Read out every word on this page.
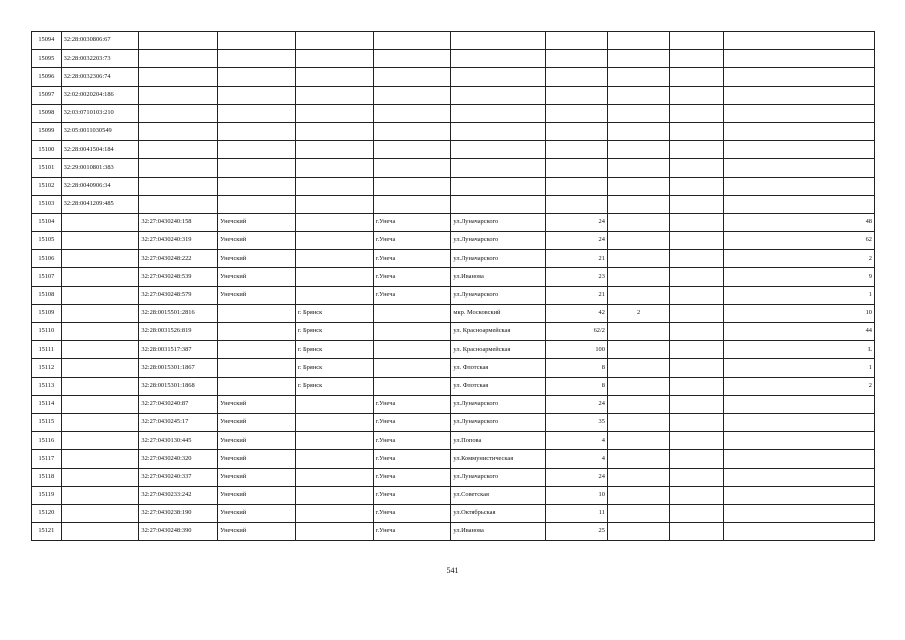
15094	32:28:0030806:67									
15095	32:28:0032203:73									
15096	32:28:0032306:74									
15097	32:02:0020204:186									
15098	32:03:0710103:210									
15099	32:05:0011030549									
15100	32:28:0041504:184									
15101	32:29:0010801:383									
15102	32:28:0040906:34									
15103	32:28:0041209:485									
15104		32:27:0430240:158	Унечский		г.Унеча	ул.Луначарского	24			48
15105		32:27:0430240:319	Унечский		г.Унеча	ул.Луначарского	24			62
15106		32:27:0430248:222	Унечский		г.Унеча	ул.Луначарского	21			2
15107		32:27:0430248:539	Унечский		г.Унеча	ул.Иванова	23			9
15108		32:27:0430248:579	Унечский		г.Унеча	ул.Луначарского	21			1
15109		32:28:0015501:2816		г. Брянск		мкр. Московский	42	2		10
15110		32:28:0031526:819		г. Брянск		ул. Красноармейская	62/2			44
15111		32:28:0031517:387		г. Брянск		ул. Красноармейская	100			L
15112		32:28:0015301:1867		г. Брянск		ул. Флотская	8			1
15113		32:28:0015301:1868		г. Брянск		ул. Флотская	8			2
15114		32:27:0430240:87	Унечский		г.Унеча	ул.Луначарского	24			
15115		32:27:0430245:17	Унечский		г.Унеча	ул.Луначарского	35			
15116		32:27:0430130:445	Унечский		г.Унеча	ул.Попова	4			
15117		32:27:0430240:320	Унечский		г.Унеча	ул.Коммунистическая	4			
15118		32:27:0430240:337	Унечский		г.Унеча	ул.Луначарского	24			
15119		32:27:0430233:242	Унечский		г.Унеча	ул.Советская	10			
15120		32:27:0430238:190	Унечский		г.Унеча	ул.Октябрьская	11			
15121		32:27:0430248:390	Унечский		г.Унеча	ул.Иванова	25			
541
